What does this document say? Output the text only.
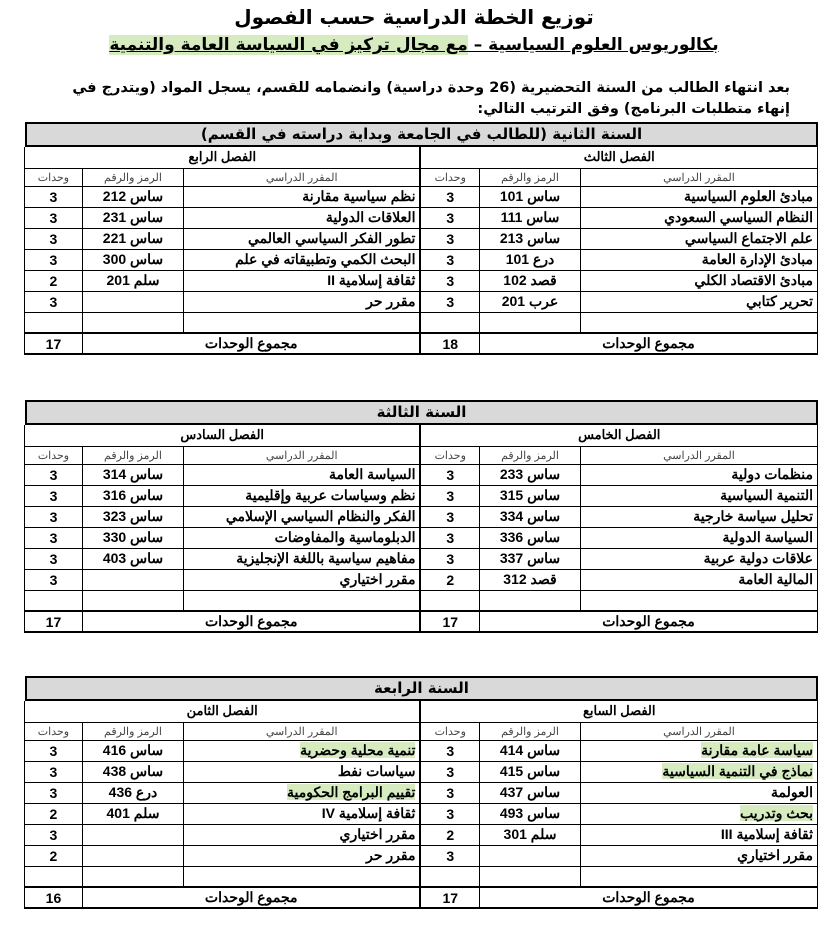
توزيع الخطة الدراسية حسب الفصول
بكالوريوس العلوم السياسية – مع مجال تركيز في السياسة العامة والتنمية
بعد انتهاء الطالب من السنة التحضيرية (26 وحدة دراسية) وانضمامه للقسم، يسجل المواد (ويتدرج في إنهاء متطلبات البرنامج) وفق الترتيب التالي:
السنة الثانية (للطالب في الجامعة وبداية دراسته في القسم)
الفصل الثالث			الفصل الرابع		
المقرر الدراسي	الرمز والرقم	وحدات	المقرر الدراسي	الرمز والرقم	وحدات
مبادئ العلوم السياسية	ساس 101	3	نظم سياسية مقارنة	ساس 212	3
النظام السياسي السعودي	ساس 111	3	العلاقات الدولية	ساس 231	3
علم الاجتماع السياسي	ساس 213	3	تطور الفكر السياسي العالمي	ساس 221	3
مبادئ الإدارة العامة	درع 101	3	البحث الكمي وتطبيقاته في علم	ساس 300	3
مبادئ الاقتصاد الكلي	قصد 102	3	ثقافة إسلامية II	سلم 201	2
تحرير كتابي	عرب 201	3	مقرر حر		3

مجموع الوحدات		18	مجموع الوحدات		17
السنة الثالثة
الفصل الخامس			الفصل السادس		
المقرر الدراسي	الرمز والرقم	وحدات	المقرر الدراسي	الرمز والرقم	وحدات
منظمات دولية	ساس 233	3	السياسة العامة	ساس 314	3
التنمية السياسية	ساس 315	3	نظم وسياسات عربية وإقليمية	ساس 316	3
تحليل سياسة خارجية	ساس 334	3	الفكر والنظام السياسي الإسلامي	ساس 323	3
السياسة الدولية	ساس 336	3	الدبلوماسية والمفاوضات	ساس 330	3
علاقات دولية عربية	ساس 337	3	مفاهيم سياسية باللغة الإنجليزية	ساس 403	3
المالية العامة	قصد 312	2	مقرر اختياري		3

مجموع الوحدات		17	مجموع الوحدات		17
السنة الرابعة
الفصل السابع			الفصل الثامن		
المقرر الدراسي	الرمز والرقم	وحدات	المقرر الدراسي	الرمز والرقم	وحدات
سياسة عامة مقارنة	ساس 414	3	تنمية محلية وحضرية	ساس 416	3
نماذج في التنمية السياسية	ساس 415	3	سياسات نفط	ساس 438	3
العولمة	ساس 437	3	تقييم البرامج الحكومية	درع 436	3
بحث وتدريب	ساس 493	3	ثقافة إسلامية IV	سلم 401	2
ثقافة إسلامية III	سلم 301	2	مقرر اختياري		3
مقرر اختياري		3	مقرر حر		2

مجموع الوحدات		17	مجموع الوحدات		16
